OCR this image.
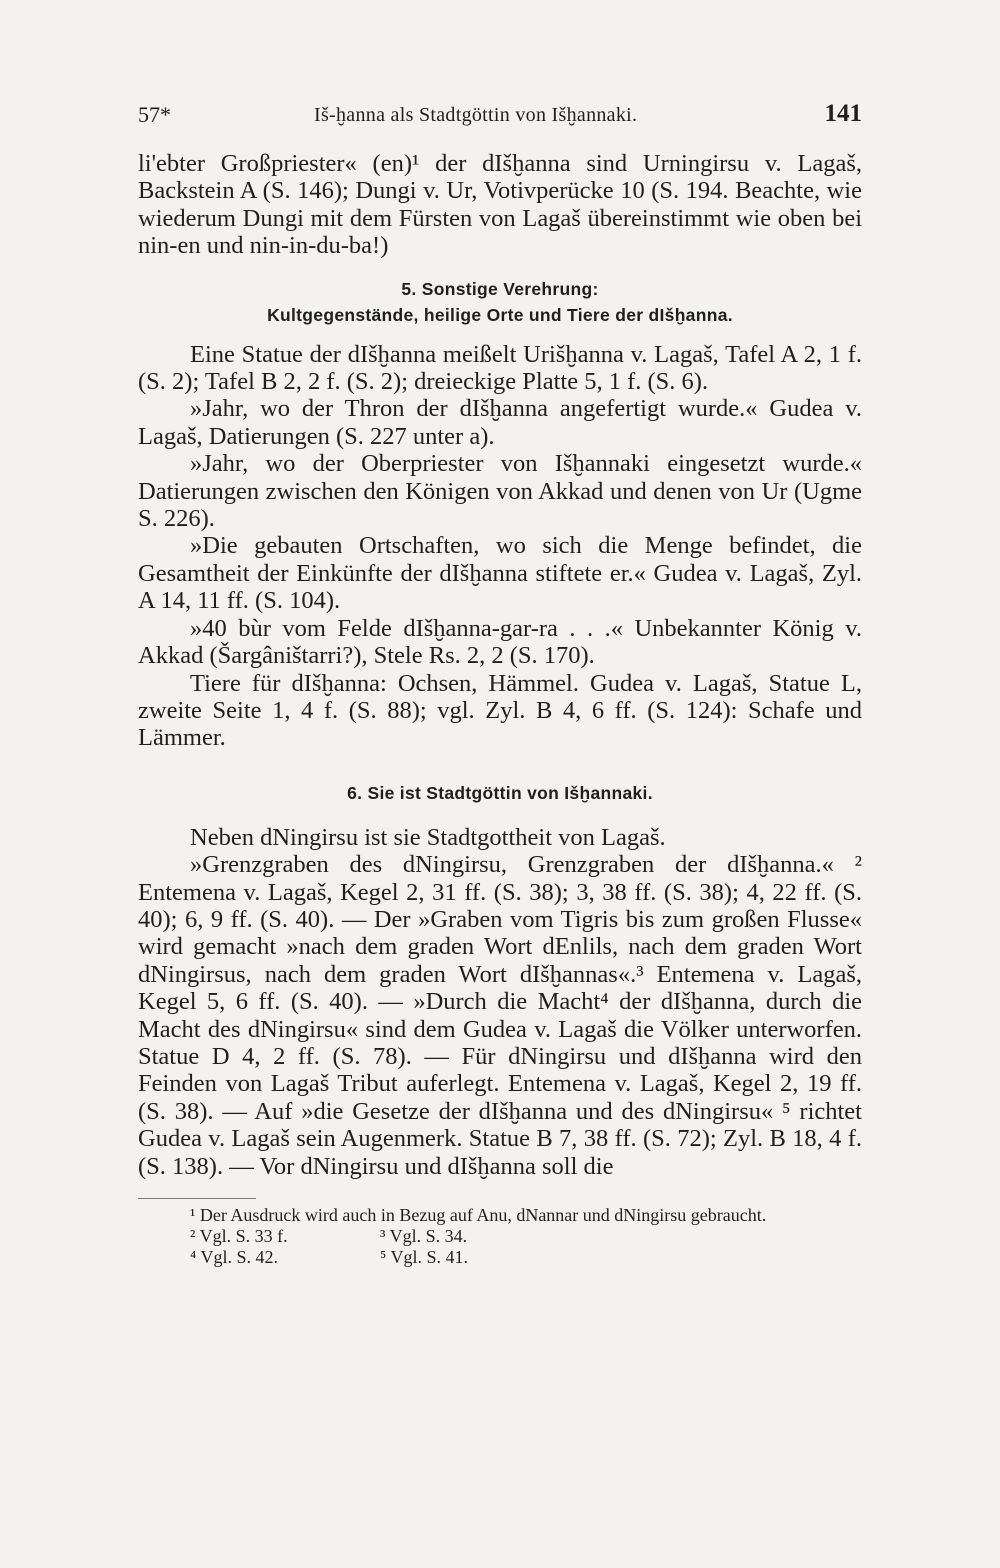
57*	Iš-ḫanna als Stadtgöttin von Išḫannaki.	141

li'ebter Großpriester« (en)¹ der dIšḫanna sind Urningirsu v. Lagaš, Backstein A (S. 146); Dungi v. Ur, Votivperücke 10 (S. 194. Beachte, wie wiederum Dungi mit dem Fürsten von Lagaš übereinstimmt wie oben bei nin-en und nin-in-du-ba!)

5. Sonstige Verehrung:
Kultgegenstände, heilige Orte und Tiere der dIšḫanna.

Eine Statue der dIšḫanna meißelt Urišḫanna v. Lagaš, Tafel A 2, 1 f. (S. 2); Tafel B 2, 2 f. (S. 2); dreieckige Platte 5, 1 f. (S. 6).

»Jahr, wo der Thron der dIšḫanna angefertigt wurde.« Gudea v. Lagaš, Datierungen (S. 227 unter a).

»Jahr, wo der Oberpriester von Išḫannaki eingesetzt wurde.« Datierungen zwischen den Königen von Akkad und denen von Ur (Ugme S. 226).

»Die gebauten Ortschaften, wo sich die Menge befindet, die Gesamtheit der Einkünfte der dIšḫanna stiftete er.« Gudea v. Lagaš, Zyl. A 14, 11 ff. (S. 104).

»40 bùr vom Felde dIšḫanna-gar-ra . . .« Unbekannter König v. Akkad (Šargâništarri?), Stele Rs. 2, 2 (S. 170).

Tiere für dIšḫanna: Ochsen, Hämmel. Gudea v. Lagaš, Statue L, zweite Seite 1, 4 f. (S. 88); vgl. Zyl. B 4, 6 ff. (S. 124): Schafe und Lämmer.

6. Sie ist Stadtgöttin von Išḫannaki.

Neben dNingirsu ist sie Stadtgottheit von Lagaš.

»Grenzgraben des dNingirsu, Grenzgraben der dIšḫanna.« ² Entemena v. Lagaš, Kegel 2, 31 ff. (S. 38); 3, 38 ff. (S. 38); 4, 22 ff. (S. 40); 6, 9 ff. (S. 40). — Der »Graben vom Tigris bis zum großen Flusse« wird gemacht »nach dem graden Wort dEnlils, nach dem graden Wort dNingirsus, nach dem graden Wort dIšḫannas«.³ Entemena v. Lagaš, Kegel 5, 6 ff. (S. 40). — »Durch die Macht⁴ der dIšḫanna, durch die Macht des dNingirsu« sind dem Gudea v. Lagaš die Völker unterworfen. Statue D 4, 2 ff. (S. 78). — Für dNingirsu und dIšḫanna wird den Feinden von Lagaš Tribut auferlegt. Entemena v. Lagaš, Kegel 2, 19 ff. (S. 38). — Auf »die Gesetze der dIšḫanna und des dNingirsu« ⁵ richtet Gudea v. Lagaš sein Augenmerk. Statue B 7, 38 ff. (S. 72); Zyl. B 18, 4 f. (S. 138). — Vor dNingirsu und dIšḫanna soll die

¹ Der Ausdruck wird auch in Bezug auf Anu, dNannar und dNingirsu gebraucht.

² Vgl. S. 33 f.	³ Vgl. S. 34.
⁴ Vgl. S. 42.	⁵ Vgl. S. 41.
